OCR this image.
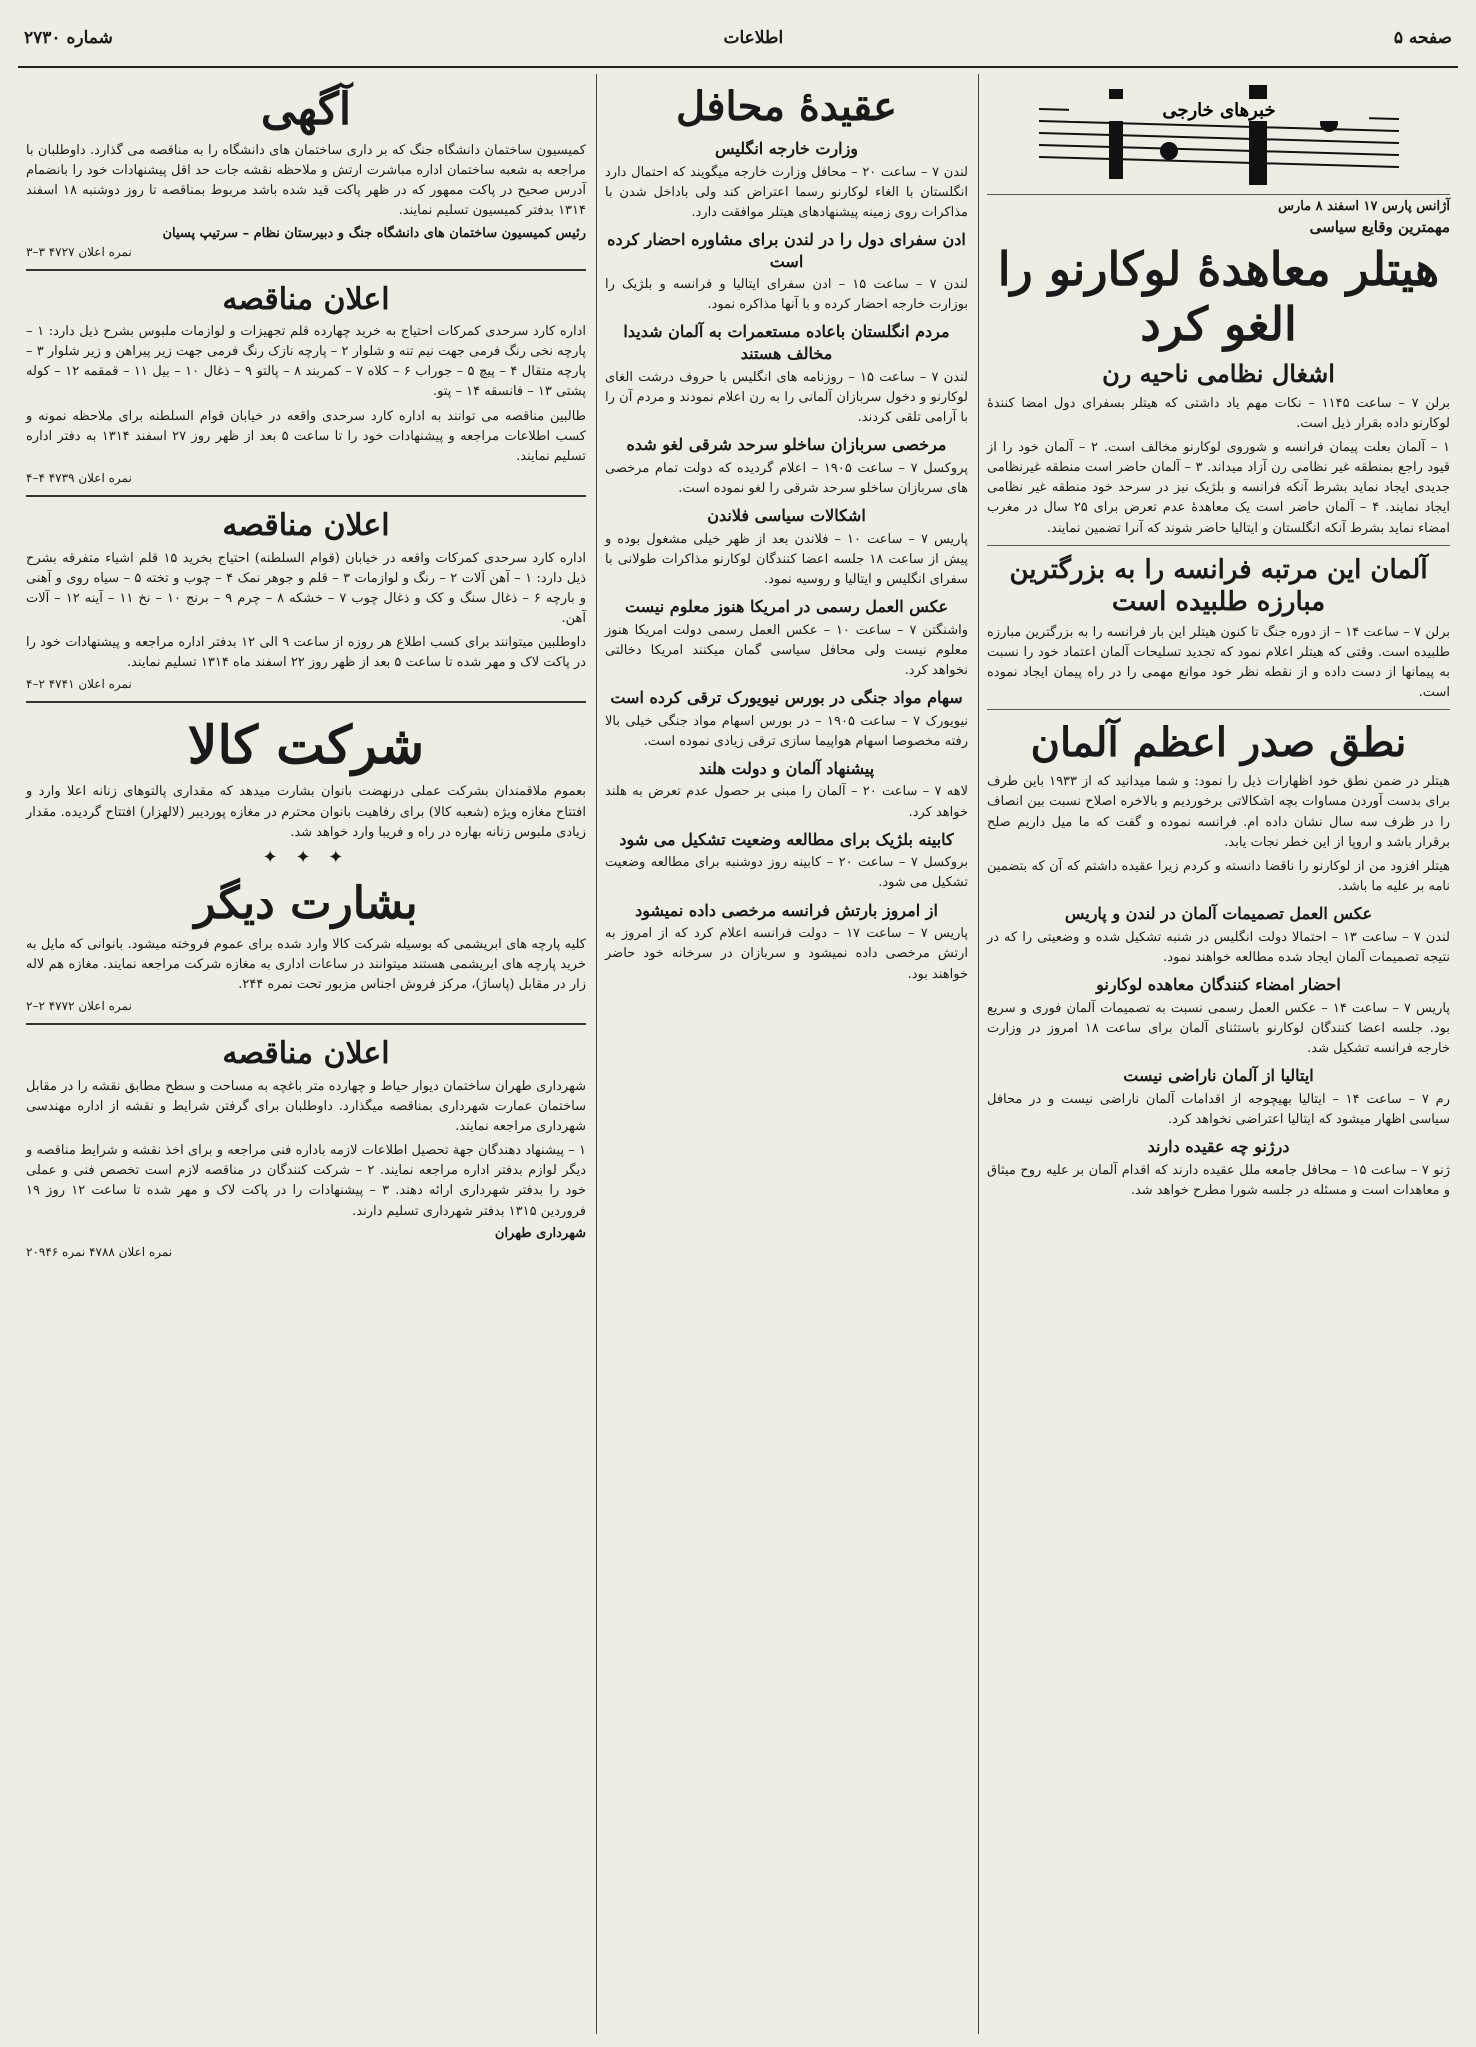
صفحه ۵
اطلاعات
شماره ۲۷۳۰
خبرهای خارجی
آژانس پارس ۱۷ اسفند ۸ مارس
مهمترین وقایع سیاسی
هیتلر معاهدهٔ لوکارنو را الغو کرد
اشغال نظامی ناحیه رن

برلن ۷ – ساعت ۱۱۴۵ – نکات مهم یاد داشتی که هیتلر بسفرای دول امضا کنندهٔ لوکارنو داده بقرار ذیل است.

۱ – آلمان بعلت پیمان فرانسه و شوروی لوکارنو مخالف است. ۲ – آلمان خود را از قیود راجع بمنطقه غیر نظامی رن آزاد میداند. ۳ – آلمان حاضر است منطقه غیرنظامی جدیدی ایجاد نماید بشرط آنکه فرانسه و بلژیک نیز در سرحد خود منطقه غیر نظامی ایجاد نمایند. ۴ – آلمان حاضر است یک معاهدهٔ عدم تعرض برای ۲۵ سال در مغرب امضاء نماید بشرط آنکه انگلستان و ایتالیا حاضر شوند که آنرا تضمین نمایند.

آلمان این مرتبه فرانسه را به بزرگترین مبارزه طلبیده است

برلن ۷ – ساعت ۱۴ – از دوره جنگ تا کنون هیتلر این بار فرانسه را به بزرگترین مبارزه طلبیده است. وقتی که هیتلر اعلام نمود که تجدید تسلیحات آلمان اعتماد خود را نسبت به پیمانها از دست داده و از نقطه نظر خود موانع مهمی را در راه پیمان ایجاد نموده است.

نطق صدر اعظم آلمان

هیتلر در ضمن نطق خود اظهارات ذیل را نمود: و شما میدانید که از ۱۹۳۳ باین طرف برای بدست آوردن مساوات بچه اشکالاتی برخوردیم و بالاخره اصلاح نسبت بین انصاف را در ظرف سه سال نشان داده ام. فرانسه نموده و گفت که ما میل داریم صلح برقرار باشد و اروپا از این خطر نجات یابد.

هیتلر افزود من از لوکارنو را ناقضا دانسته و کردم زیرا عقیده داشتم که آن که بتضمین نامه بر علیه ما باشد.

عکس العمل تصمیمات آلمان در لندن و پاریس

لندن ۷ – ساعت ۱۳ – احتمالا دولت انگلیس در شنبه تشکیل شده و وضعیتی را که در نتیجه تصمیمات آلمان ایجاد شده مطالعه خواهند نمود.

احضار امضاء کنندگان معاهده لوکارنو

پاریس ۷ – ساعت ۱۴ – عکس العمل رسمی نسبت به تصمیمات آلمان فوری و سریع بود. جلسه اعضا کنندگان لوکارنو باستثنای آلمان برای ساعت ۱۸ امروز در وزارت خارجه فرانسه تشکیل شد.

ایتالیا از آلمان ناراضی نیست

رم ۷ – ساعت ۱۴ – ایتالیا بهیچوجه از اقدامات آلمان ناراضی نیست و در محافل سیاسی اظهار میشود که ایتالیا اعتراضی نخواهد کرد.

درژنو چه عقیده دارند

ژنو ۷ – ساعت ۱۵ – محافل جامعه ملل عقیده دارند که اقدام آلمان بر علیه روح میثاق و معاهدات است و مسئله در جلسه شورا مطرح خواهد شد.

عقیدهٔ محافل
وزارت خارجه انگلیس

لندن ۷ – ساعت ۲۰ – محافل وزارت خارجه میگویند که احتمال دارد انگلستان با الغاء لوکارنو رسما اعتراض کند ولی باداخل شدن با مذاکرات روی زمینه پیشنهادهای هیتلر موافقت دارد.

ادن سفرای دول را در لندن برای مشاوره احضار کرده است

لندن ۷ – ساعت ۱۵ – ادن سفرای ایتالیا و فرانسه و بلژیک را بوزارت خارجه احضار کرده و با آنها مذاکره نمود.

مردم انگلستان باعاده مستعمرات به آلمان شدیدا مخالف هستند

لندن ۷ – ساعت ۱۵ – روزنامه های انگلیس با حروف درشت الغای لوکارنو و دخول سربازان آلمانی را به رن اعلام نمودند و مردم آن را با آرامی تلقی کردند.

مرخصی سربازان ساخلو سرحد شرقی لغو شده

پروکسل ۷ – ساعت ۱۹۰۵ – اعلام گردیده که دولت تمام مرخصی های سربازان ساخلو سرحد شرقی را لغو نموده است.

اشکالات سیاسی فلاندن

پاریس ۷ – ساعت ۱۰ – فلاندن بعد از ظهر خیلی مشغول بوده و پیش از ساعت ۱۸ جلسه اعضا کنندگان لوکارنو مذاکرات طولانی با سفرای انگلیس و ایتالیا و روسیه نمود.

عکس العمل رسمی در امریکا هنوز معلوم نیست

واشنگتن ۷ – ساعت ۱۰ – عکس العمل رسمی دولت امریکا هنوز معلوم نیست ولی محافل سیاسی گمان میکنند امریکا دخالتی نخواهد کرد.

سهام مواد جنگی در بورس نیویورک ترقی کرده است

نیویورک ۷ – ساعت ۱۹۰۵ – در بورس اسهام مواد جنگی خیلی بالا رفته مخصوصا اسهام هواپیما سازی ترقی زیادی نموده است.

پیشنهاد آلمان و دولت هلند

لاهه ۷ – ساعت ۲۰ – آلمان را مبنی بر حصول عدم تعرض به هلند خواهد کرد.

کابینه بلژیک برای مطالعه وضعیت تشکیل می شود

بروکسل ۷ – ساعت ۲۰ – کابینه روز دوشنبه برای مطالعه وضعیت تشکیل می شود.

از امروز بارتش فرانسه مرخصی داده نمیشود

پاریس ۷ – ساعت ۱۷ – دولت فرانسه اعلام کرد که از امروز به ارتش مرخصی داده نمیشود و سربازان در سرخانه خود حاضر خواهند بود.

آگهی

کمیسیون ساختمان دانشگاه جنگ که بر داری ساختمان های دانشگاه را به مناقصه می گذارد. داوطلبان با مراجعه به شعبه ساختمان اداره مباشرت ارتش و ملاحظه نقشه جات حد اقل پیشنهادات خود را بانضمام آدرس صحیح در پاکت ممهور که در ظهر پاکت قید شده باشد مربوط بمناقصه تا روز دوشنبه ۱۸ اسفند ۱۳۱۴ بدفتر کمیسیون تسلیم نمایند.

رئیس کمیسیون ساختمان های دانشگاه جنگ و دبیرستان نظام – سرتیپ پسیان
نمره اعلان ۴۷۲۷ ۳–۳
اعلان مناقصه

اداره کارد سرحدی کمرکات احتیاج به خرید چهارده قلم تجهیزات و لوازمات ملبوس بشرح ذیل دارد: ۱ – پارچه نخی رنگ فرمی جهت نیم تنه و شلوار ۲ – پارچه نازک رنگ فرمی جهت زیر پیراهن و زیر شلوار ۳ – پارچه متقال ۴ – پیچ ۵ – جوراب ۶ – کلاه ۷ – کمربند ۸ – پالتو ۹ – ذغال ۱۰ – بیل ۱۱ – قمقمه ۱۲ – کوله پشتی ۱۳ – فانسقه ۱۴ – پتو.

طالبین مناقصه می توانند به اداره کارد سرحدی واقعه در خیابان قوام السلطنه برای ملاحظه نمونه و کسب اطلاعات مراجعه و پیشنهادات خود را تا ساعت ۵ بعد از ظهر روز ۲۷ اسفند ۱۳۱۴ به دفتر اداره تسلیم نمایند.

نمره اعلان ۴۷۳۹ ۴–۴
اعلان مناقصه

اداره کارد سرحدی کمرکات واقعه در خیابان (قوام السلطنه) احتیاج بخرید ۱۵ قلم اشیاء متفرقه بشرح ذیل دارد: ۱ – آهن آلات ۲ – رنگ و لوازمات ۳ – قلم و جوهر نمک ۴ – چوب و تخته ۵ – سیاه روی و آهنی و بارچه ۶ – ذغال سنگ و کک و ذغال چوب ۷ – خشکه ۸ – چرم ۹ – برنج ۱۰ – نخ ۱۱ – آینه ۱۲ – آلات آهن.

داوطلبین میتوانند برای کسب اطلاع هر روزه از ساعت ۹ الی ۱۲ بدفتر اداره مراجعه و پیشنهادات خود را در پاکت لاک و مهر شده تا ساعت ۵ بعد از ظهر روز ۲۲ اسفند ماه ۱۳۱۴ تسلیم نمایند.

نمره اعلان ۴۷۴۱ ۲–۴
شرکت کالا

بعموم ملاقمندان بشرکت عملی درنهضت بانوان بشارت میدهد که مقداری پالتوهای زنانه اعلا وارد و افتتاح مغازه ویژه (شعبه کالا) برای رفاهیت بانوان محترم در مغازه پوردیبر (لالهزار) افتتاح گردیده. مقدار زیادی ملبوس زنانه بهاره در راه و فریبا وارد خواهد شد.

✦ ✦ ✦
بشارت دیگر

کلیه پارچه های ابریشمی که بوسیله شرکت کالا وارد شده برای عموم فروخته میشود. بانوانی که مایل به خرید پارچه های ابریشمی هستند میتوانند در ساعات اداری به مغازه شرکت مراجعه نمایند. مغازه هم لاله زار در مقابل (پاساژ)، مرکز فروش اجناس مزبور تحت نمره ۲۴۴.

نمره اعلان ۴۷۷۲ ۲–۲
اعلان مناقصه

شهرداری طهران ساختمان دیوار حیاط و چهارده متر باغچه به مساحت و سطح مطابق نقشه را در مقابل ساختمان عمارت شهرداری بمناقصه میگذارد. داوطلبان برای گرفتن شرایط و نقشه از اداره مهندسی شهرداری مراجعه نمایند.

۱ – پیشنهاد دهندگان جهة تحصیل اطلاعات لازمه باداره فنی مراجعه و برای اخذ نقشه و شرایط مناقصه و دیگر لوازم بدفتر اداره مراجعه نمایند. ۲ – شرکت کنندگان در مناقصه لازم است تخصص فنی و عملی خود را بدفتر شهرداری ارائه دهند. ۳ – پیشنهادات را در پاکت لاک و مهر شده تا ساعت ۱۲ روز ۱۹ فروردین ۱۳۱۵ بدفتر شهرداری تسلیم دارند.

شهرداری طهران
نمره اعلان ۴۷۸۸ نمره ۲۰۹۴۶
